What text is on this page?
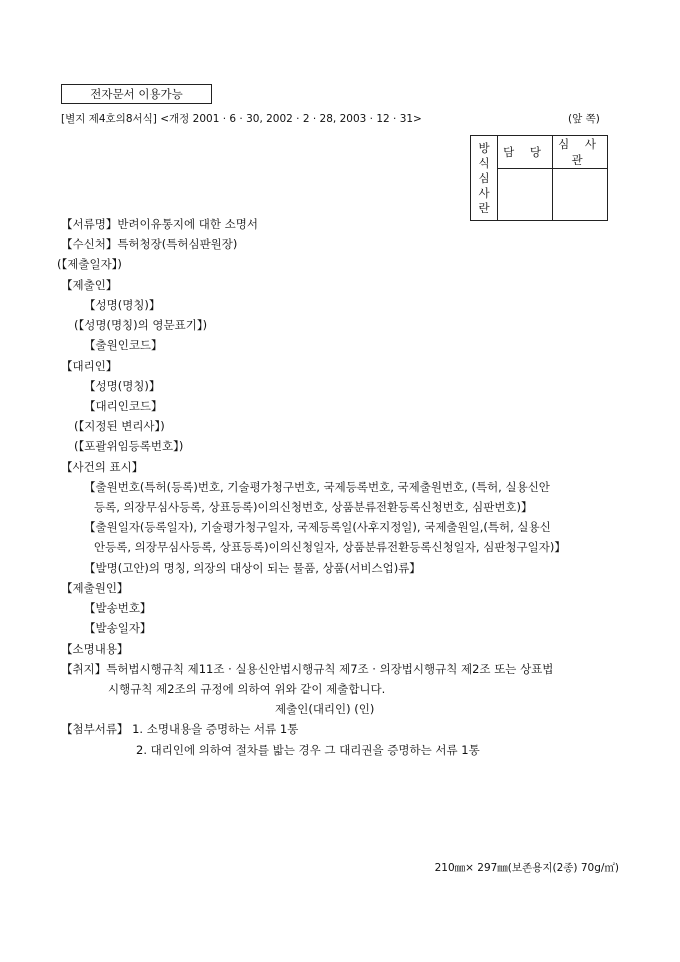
전자문서 이용가능
[별지 제4호의8서식] <개정 2001 · 6 · 30, 2002 · 2 · 28, 2003 · 12 · 31>	(앞 쪽)
방
식
심
사
란	담 당	심 사 관

【서류명】반려이유통지에 대한 소명서
【수신처】특허청장(특허심판원장)
(【제출일자】)
【제출인】
【성명(명칭)】
(【성명(명칭)의 영문표기】)
【출원인코드】
【대리인】
【성명(명칭)】
【대리인코드】
(【지정된 변리사】)
(【포괄위임등록번호】)
【사건의 표시】
【출원번호(특허(등록)번호, 기술평가청구번호, 국제등록번호, 국제출원번호, (특허, 실용신안
등록, 의장무심사등록, 상표등록)이의신청번호, 상품분류전환등록신청번호, 심판번호)】
【출원일자(등록일자), 기술평가청구일자, 국제등록일(사후지정일), 국제출원일,(특허, 실용신
안등록, 의장무심사등록, 상표등록)이의신청일자, 상품분류전환등록신청일자, 심판청구일자)】
【발명(고안)의 명칭, 의장의 대상이 되는 물품, 상품(서비스업)류】
【제출원인】
【발송번호】
【발송일자】
【소명내용】
【취지】특허법시행규칙 제11조 · 실용신안법시행규칙 제7조 · 의장법시행규칙 제2조 또는 상표법
시행규칙 제2조의 규정에 의하여 위와 같이 제출합니다.
제출인(대리인) (인)
【첨부서류】 1. 소명내용을 증명하는 서류 1통
2. 대리인에 의하여 절차를 밟는 경우 그 대리권을 증명하는 서류 1통
210㎜× 297㎜(보존용지(2종) 70g/㎡)
